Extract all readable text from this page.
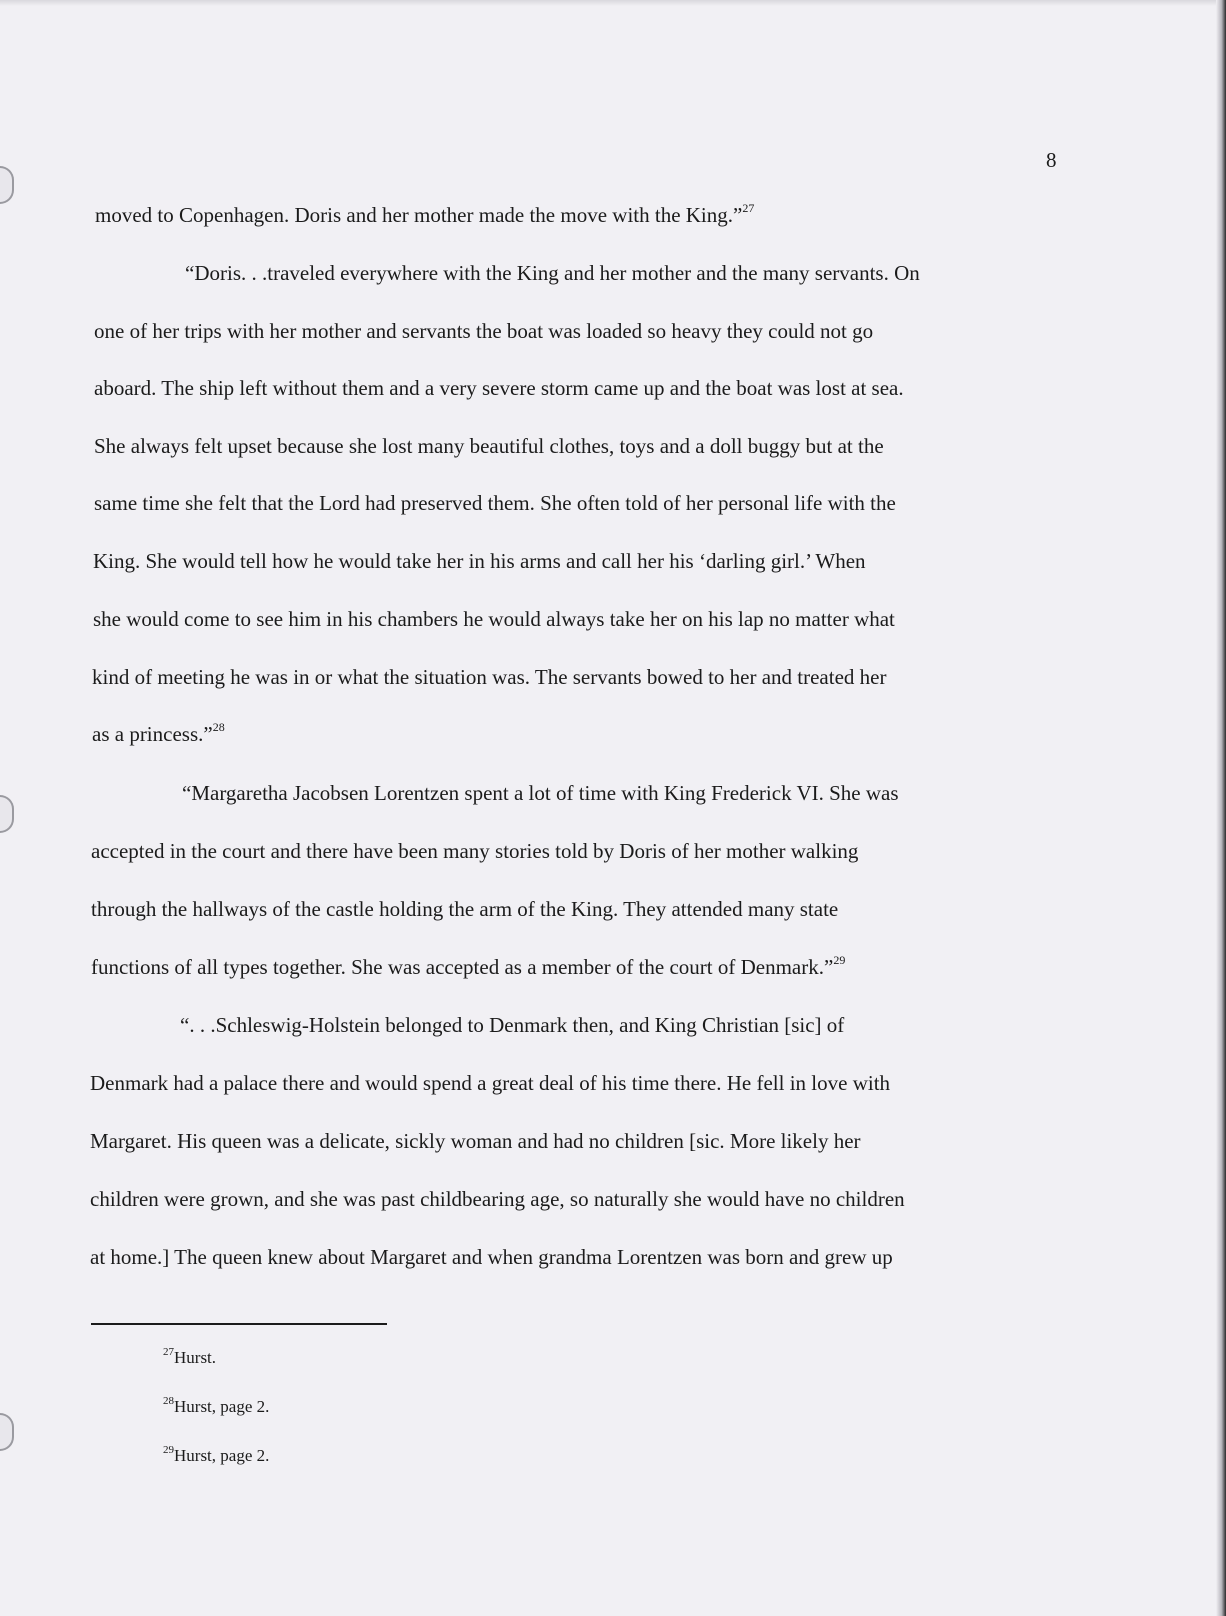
8
moved to Copenhagen. Doris and her mother made the move with the King.”$^{27}$
“Doris. . .traveled everywhere with the King and her mother and the many servants. On
one of her trips with her mother and servants the boat was loaded so heavy they could not go
aboard. The ship left without them and a very severe storm came up and the boat was lost at sea.
She always felt upset because she lost many beautiful clothes, toys and a doll buggy but at the
same time she felt that the Lord had preserved them. She often told of her personal life with the
King. She would tell how he would take her in his arms and call her his ‘darling girl.’ When
she would come to see him in his chambers he would always take her on his lap no matter what
kind of meeting he was in or what the situation was. The servants bowed to her and treated her
as a princess.”$^{28}$
“Margaretha Jacobsen Lorentzen spent a lot of time with King Frederick VI. She was
accepted in the court and there have been many stories told by Doris of her mother walking
through the hallways of the castle holding the arm of the King. They attended many state
functions of all types together. She was accepted as a member of the court of Denmark.”$^{29}$
“. . .Schleswig-Holstein belonged to Denmark then, and King Christian [sic] of
Denmark had a palace there and would spend a great deal of his time there. He fell in love with
Margaret. His queen was a delicate, sickly woman and had no children [sic. More likely her
children were grown, and she was past childbearing age, so naturally she would have no children
at home.] The queen knew about Margaret and when grandma Lorentzen was born and grew up
$^{27}$Hurst.
$^{28}$Hurst, page 2.
$^{29}$Hurst, page 2.
